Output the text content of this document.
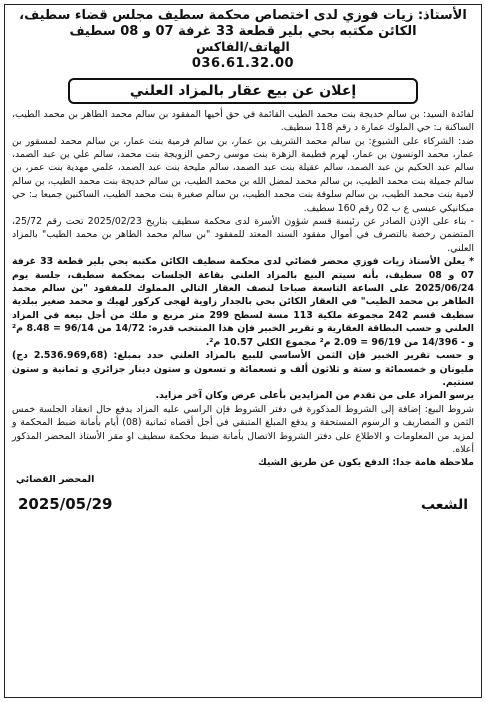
الأستاذ: زيات فوزي لدى اختصاص محكمة سطيف مجلس قضاء سطيف،
الكائن مكتبه بحي بلير قطعة 33 غرفة 07 و 08 سطيف
الهاتف/الفاكس
036.61.32.00
إعلان عن بيع عقار بالمزاد العلني

لفائدة السيد: بن سالم خديجة بنت محمد الطيب القائمة في حق أخيها المفقود بن سالم محمد الطاهر بن محمد الطيب، الساكنة بـ: حي الملوك عمارة د رقم 118 سطيف.

ضد: الشركاء على الشيوع: بن سالم محمد الشريف بن عمار، بن سالم فرمية بنت عمار، بن سالم محمد لمسقور بن عمار، محمد الونسون بن عمار، لهرم فطيمة الزهرة بنت موسى رحمي الزويجة بنت محمد، سالم علي بن عبد الصمد، سالم عبد الحكيم بن عبد الصمد، سالم عقيلة بنت عبد الصمد، سالم مليحة بنت عبد الصمد، علمي مهدية بنت عمر، بن سالم جميلة بنت محمد الطيب، بن سالم محمد لمضل الله بن محمد الطيب، بن سالم خديجة بنت محمد الطيب، بن سالم لامية بنت محمد الطيب، بن سالم سلوفة بنت محمد الطيب، بن سالم صغيرة بنت محمد الطيب، الساكنين جميعا بـ: حي ميكانيكي عيسى ع ب 02 رقم 160 سطيف.

- بناء على الإذن الصادر عن رئيسة قسم شؤون الأسرة لدى محكمة سطيف بتاريخ 2025/02/23 تحت رقم 25/72، المتضمن رخصة بالتصرف في أموال مفقود السند المعتد للمفقود "بن سالم محمد الطاهر بن محمد الطيب" بالمزاد العلني.

* يعلن الأستاذ زيات فوزي محضر قضائي لدى محكمة سطيف الكائن مكتبه بحي بلير قطعة 33 غرفة 07 و 08 سطيف، بأنه سيتم البيع بالمزاد العلني بقاعة الجلسات بمحكمة سطيف، جلسة يوم 2025/06/24 على الساعة التاسعة صباحا لنصف العقار التالي المملوك للمفقود "بن سالم محمد الطاهر بن محمد الطيب" في العقار الكائن بحي بالجدار زاوية لهجى كركور لهيك و محمد صغير ببلدية سطيف قسم 242 مجموعة ملكية 113 مسة لسطح 299 متر مربع و ملك من أجل بيعه في المزاد العلني و حسب البطاقة العقارية و تقرير الخبير فإن هذا المنتخب قدره: 14/72 من 96/14 = 8.48 م² و - 14/396 من 96/19 = 2.09 م² مجموع الكلي 10.57 م².

و حسب تقرير الخبير فإن الثمن الأساسي للبيع بالمزاد العلني حدد بمبلغ: (2.536.969,68 دج) مليونان و خمسمائة و ستة و ثلاثون ألف و تسعمائة و تسعون و ستون دينار جزائري و ثمانية و ستون سنتيم.

يرسو المزاد على من تقدم من المزايدين بأعلى عرض وكان آخر مزايد.

شروط البيع: إضافة إلى الشروط المذكورة في دفتر الشروط فإن الراسي عليه المزاد يدفع حال انعقاد الجلسة خمس الثمن و المصاريف و الرسوم المستحقة و يدفع المبلغ المتبقي في أجل أقصاه ثمانية (08) أيام بأمانة ضبط المحكمة و لمزيد من المعلومات و الاطلاع على دفتر الشروط الاتصال بأمانة ضبط محكمة سطيف او مقر الأستاذ المحضر المذكور أعلاه.

ملاحظة هامة جدا: الدفع يكون عن طريق الشيك

المحضر القضائي
الشعب
2025/05/29
